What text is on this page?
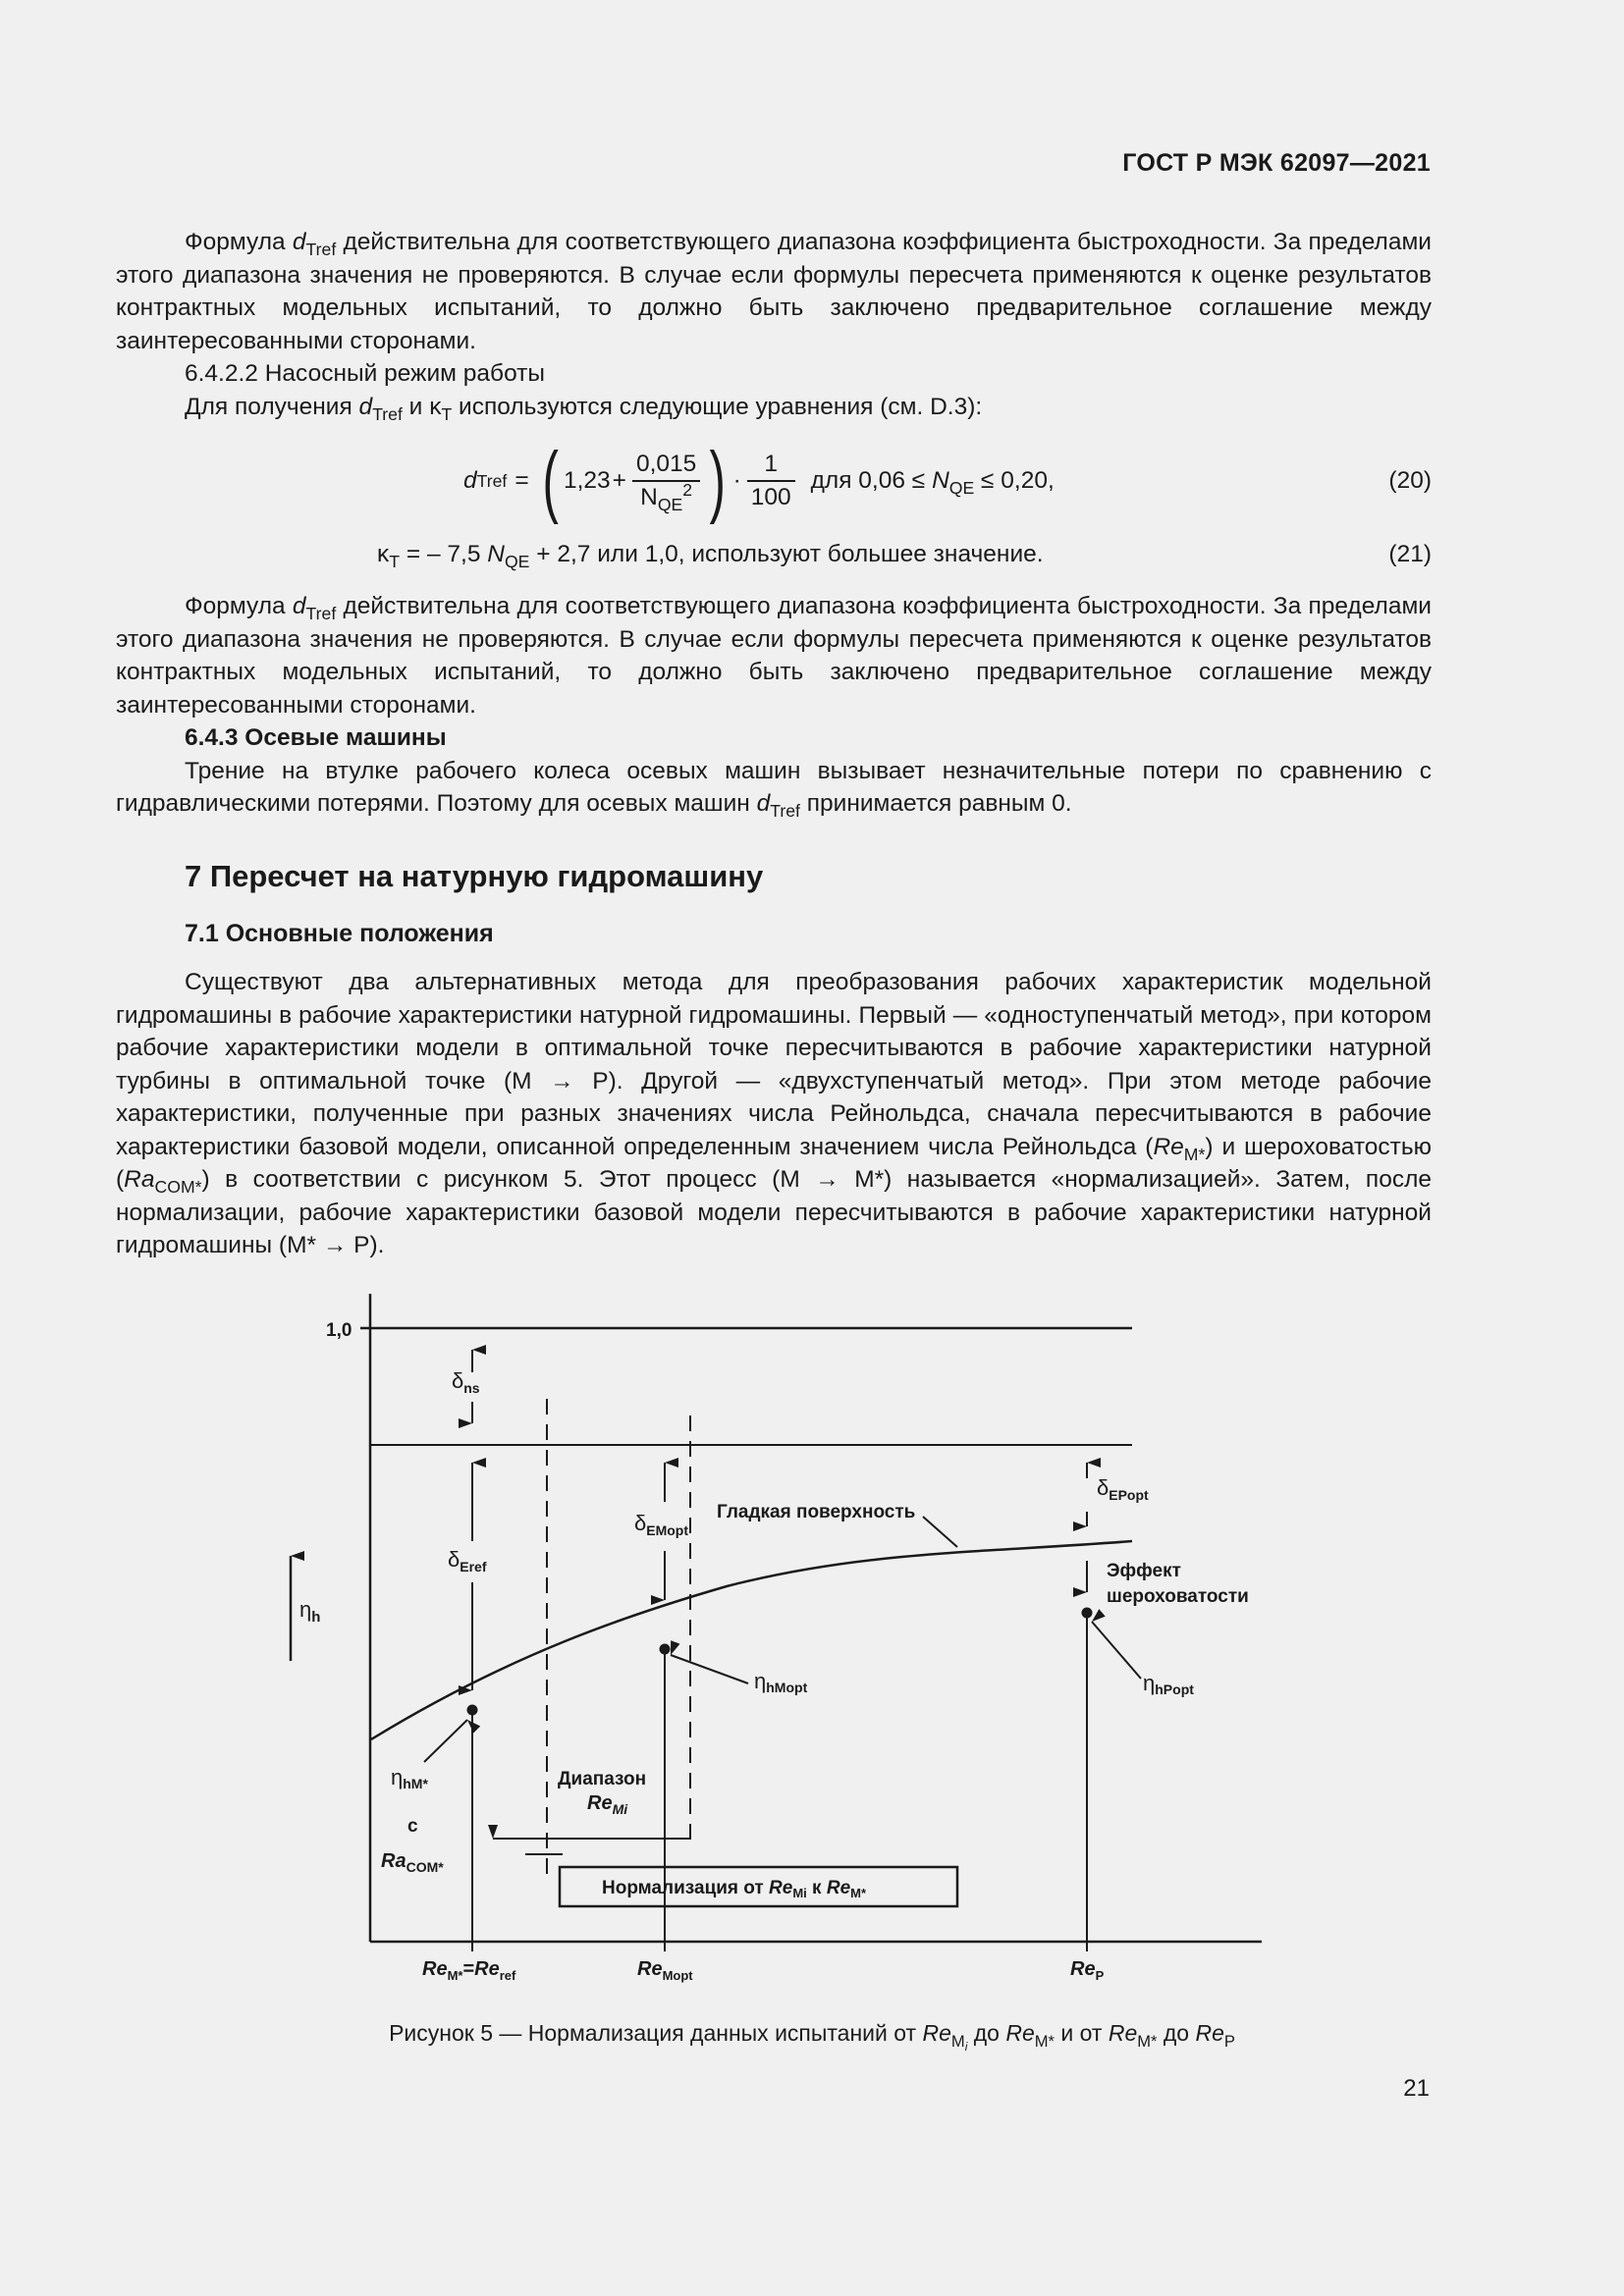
ГОСТ Р МЭК 62097—2021

Формула $d_{Tref}$ действительна для соответствующего диапазона коэффициента быстроходности. За пределами этого диапазона значения не проверяются. В случае если формулы пересчета применяются к оценке результатов контрактных модельных испытаний, то должно быть заключено предварительное соглашение между заинтересованными сторонами.

6.4.2.2 Насосный режим работы

Для получения $d_{Tref}$ и $\kappa_T$ используются следующие уравнения (см. D.3):

d Tref = ( $1,23 + \frac{0,015}{N_{QE}^2}$ ) · $\frac{1}{100}$ для $0,06 \le N_{QE} \le 0,20$,	(20)
$\kappa_T$ = – 7,5 $N_{QE} + 2,7$ или 1,0, используют большее значение.	(21)

Формула $d_{Tref}$ действительна для соответствующего диапазона коэффициента быстроходности. За пределами этого диапазона значения не проверяются. В случае если формулы пересчета применяются к оценке результатов контрактных модельных испытаний, то должно быть заключено предварительное соглашение между заинтересованными сторонами.

6.4.3 Осевые машины

Трение на втулке рабочего колеса осевых машин вызывает незначительные потери по сравнению с гидравлическими потерями. Поэтому для осевых машин $d_{Tref}$ принимается равным 0.

7 Пересчет на натурную гидромашину
7.1 Основные положения

Существуют два альтернативных метода для преобразования рабочих характеристик модельной гидромашины в рабочие характеристики натурной гидромашины. Первый — «одноступенчатый метод», при котором рабочие характеристики модели в оптимальной точке пересчитываются в рабочие характеристики натурной турбины в оптимальной точке (М → Р). Другой — «двухступенчатый метод». При этом методе рабочие характеристики, полученные при разных значениях числа Рейнольдса, сначала пересчитываются в рабочие характеристики базовой модели, описанной определенным значением числа Рейнольдса $(Re_{M*})$ и шероховатостью $(Ra_{COM*})$ в соответствии с рисунком 5. Этот процесс (М → М*) называется «нормализацией». Затем, после нормализации, рабочие характеристики базовой модели пересчитываются в рабочие характеристики натурной гидромашины (М* → Р).

1,0
$\delta_{ns}$
$\delta_{Eref}$
$\delta_{EMopt}$
$\delta_{EPopt}$
Гладкая поверхность
Эффект
шероховатости
$\eta_h$
ηhMopt	ηhPopt
ηhM*
с
$Ra_{COM*}$
Диапазон
$Re_{Mi}$
Нормализация от $Re_{Mi}$ к $Re_{M*}$
$Re_{M*}=Re_{ref}$	$Re_{Mopt}$	$Re_P$
Рисунок 5 — Нормализация данных испытаний от $Re_{M_i}$ до $Re_{M*}$ и от $Re_{M*}$ до $Re_P$
21
